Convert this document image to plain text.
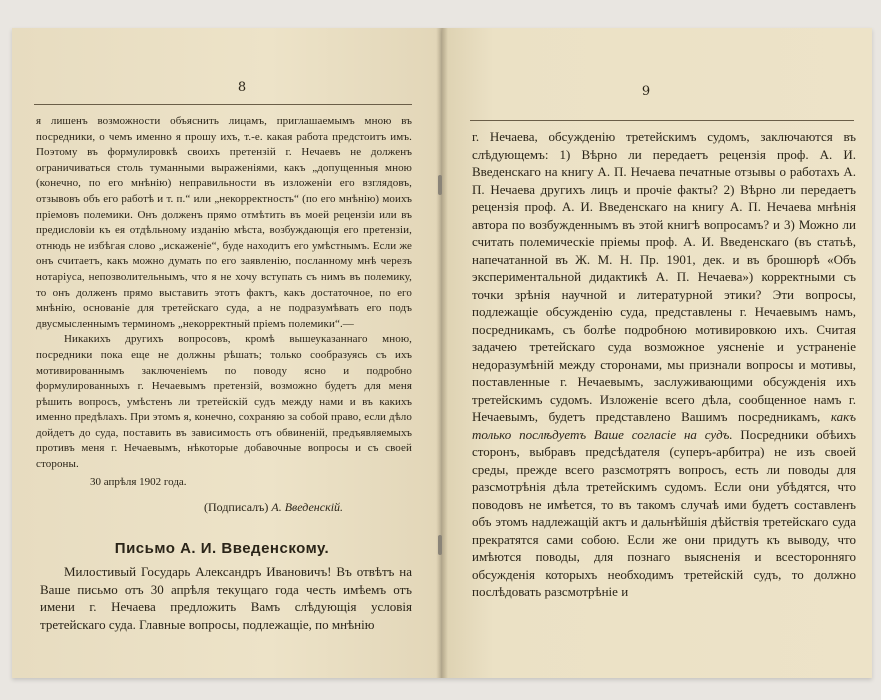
8

я лишенъ возможности объяснить лицамъ, приглашаемымъ мною въ посредники, о чемъ именно я прошу ихъ, т.-е. какая работа предстоитъ имъ. Поэтому въ формулировкѣ своихъ претензій г. Нечаевъ не долженъ ограничиваться столь туманными выраженіями, какъ „допущенныя мною (конечно, по его мнѣнію) неправильности въ изложеніи его взглядовъ, отзывовъ объ его работѣ и т. п.“ или „некорректность“ (по его мнѣнію) моихъ пріемовъ полемики. Онъ долженъ прямо отмѣтить въ моей рецензіи или въ предисловіи къ ея отдѣльному изданію мѣста, возбуждающія его претензіи, отнюдь не избѣгая слово „искаженіе“, буде находитъ его умѣстнымъ. Если же онъ считаетъ, какъ можно думать по его заявленію, посланному мнѣ черезъ нотаріуса, непозволительнымъ, что я не хочу вступать съ нимъ въ полемику, то онъ долженъ прямо выставить этотъ фактъ, какъ достаточное, по его мнѣнію, основаніе для третейскаго суда, а не подразумѣвать его подъ двусмысленнымъ терминомъ „некорректный пріемъ полемики“.—

Никакихъ другихъ вопросовъ, кромѣ вышеуказаннаго мною, посредники пока еще не должны рѣшать; только сообразуясь съ ихъ мотивированнымъ заключеніемъ по поводу ясно и подробно формулированныхъ г. Нечаевымъ претензій, возможно будетъ для меня рѣшить вопросъ, умѣстенъ ли третейскій судъ между нами и въ какихъ именно предѣлахъ. При этомъ я, конечно, сохраняю за собой право, если дѣло дойдетъ до суда, поставить въ зависимость отъ обвиненій, предъявляемыхъ противъ меня г. Нечаевымъ, нѣкоторые добавочные вопросы и съ своей стороны.

30 апрѣля 1902 года.
(Подписалъ) А. Введенскій.
Письмо А. И. Введенскому.

Милостивый Государь Александръ Ивановичъ! Въ отвѣтъ на Ваше письмо отъ 30 апрѣля текущаго года честь имѣемъ отъ имени г. Нечаева предложить Вамъ слѣдующія условія третейскаго суда. Главные вопросы, подлежащіе, по мнѣнію

9

г. Нечаева, обсужденію третейскимъ судомъ, заключаются въ слѣдующемъ: 1) Вѣрно ли передаетъ рецензія проф. А. И. Введенскаго на книгу А. П. Нечаева печатные отзывы о работахъ А. П. Нечаева другихъ лицъ и прочіе факты? 2) Вѣрно ли передаетъ рецензія проф. А. И. Введенскаго на книгу А. П. Нечаева мнѣнія автора по возбужденнымъ въ этой книгѣ вопросамъ? и 3) Можно ли считать полемическіе пріемы проф. А. И. Введенскаго (въ статьѣ, напечатанной въ Ж. М. Н. Пр. 1901, дек. и въ брошюрѣ «Объ экспериментальной дидактикѣ А. П. Нечаева») корректными съ точки зрѣнія научной и литературной этики? Эти вопросы, подлежащіе обсужденію суда, представлены г. Нечаевымъ намъ, посредникамъ, съ болѣе подробною мотивировкою ихъ. Считая задачею третейскаго суда возможное уясненіе и устраненіе недоразумѣній между сторонами, мы признали вопросы и мотивы, поставленные г. Нечаевымъ, заслуживающими обсужденія ихъ третейскимъ судомъ. Изложеніе всего дѣла, сообщенное намъ г. Нечаевымъ, будетъ представлено Вашимъ посредникамъ, какъ только послѣдуетъ Ваше согласіе на судъ. Посредники обѣихъ сторонъ, выбравъ предсѣдателя (суперъ-арбитра) не изъ своей среды, прежде всего разсмотрятъ вопросъ, есть ли поводы для разсмотрѣнія дѣла третейскимъ судомъ. Если они убѣдятся, что поводовъ не имѣется, то въ такомъ случаѣ ими будетъ составленъ объ этомъ надлежащій актъ и дальнѣйшія дѣйствія третейскаго суда прекратятся сами собою. Если же они придутъ къ выводу, что имѣются поводы, для познаго выясненія и всесторонняго обсужденія которыхъ необходимъ третейскій судъ, то должно послѣдовать разсмотрѣніе и
